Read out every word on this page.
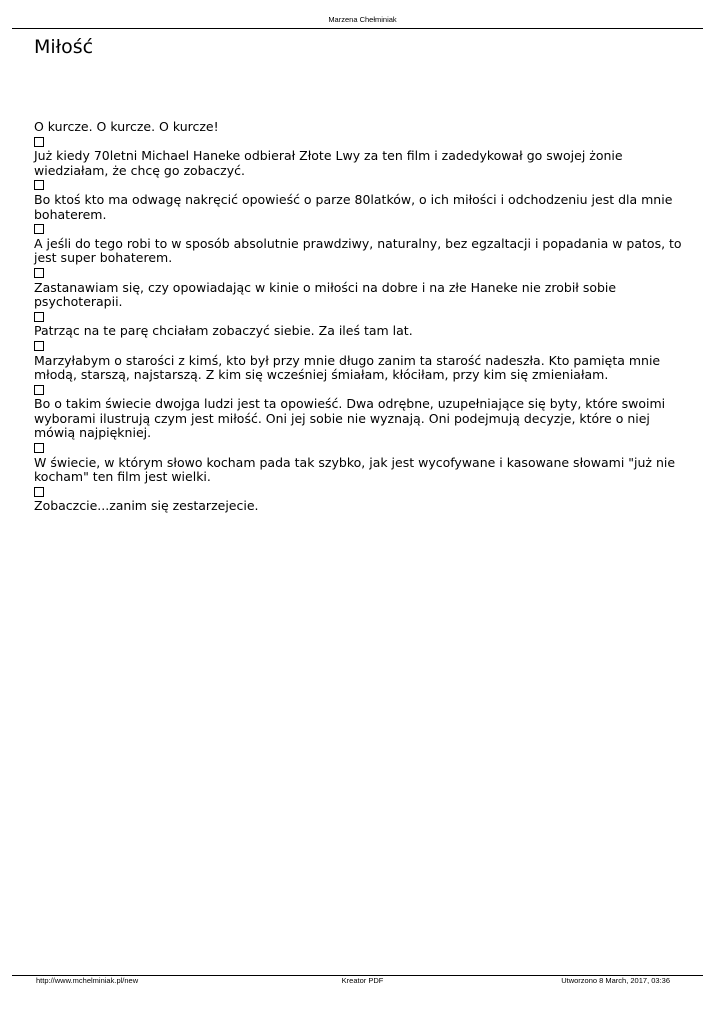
Marzena Chełminiak
Miłość

O kurcze. O kurcze. O kurcze!

Już kiedy 70letni Michael Haneke odbierał Złote Lwy za ten film i zadedykował go swojej żonie wiedziałam, że chcę go zobaczyć.

Bo ktoś kto ma odwagę nakręcić opowieść o parze 80latków, o ich miłości i odchodzeniu jest dla mnie bohaterem.

A jeśli do tego robi to w sposób absolutnie prawdziwy, naturalny, bez egzaltacji i popadania w patos, to jest super bohaterem.

Zastanawiam się, czy opowiadając w kinie o miłości na dobre i na złe Haneke nie zrobił sobie psychoterapii.

Patrząc na te parę chciałam zobaczyć siebie. Za ileś tam lat.

Marzyłabym o starości z kimś, kto był przy mnie długo zanim ta starość nadeszła. Kto pamięta mnie młodą, starszą, najstarszą. Z kim się wcześniej śmiałam, kłóciłam, przy kim się zmieniałam.

Bo o takim świecie dwojga ludzi jest ta opowieść. Dwa odrębne, uzupełniające się byty, które swoimi wyborami ilustrują czym jest miłość. Oni jej sobie nie wyznają. Oni podejmują decyzje, które o niej mówią najpiękniej.

W świecie, w którym słowo kocham pada tak szybko, jak jest wycofywane i kasowane słowami "już nie kocham" ten film jest wielki.

Zobaczcie...zanim się zestarzejecie.

http://www.mchelminiak.pl/new	Kreator PDF	Utworzono 8 March, 2017, 03:36
